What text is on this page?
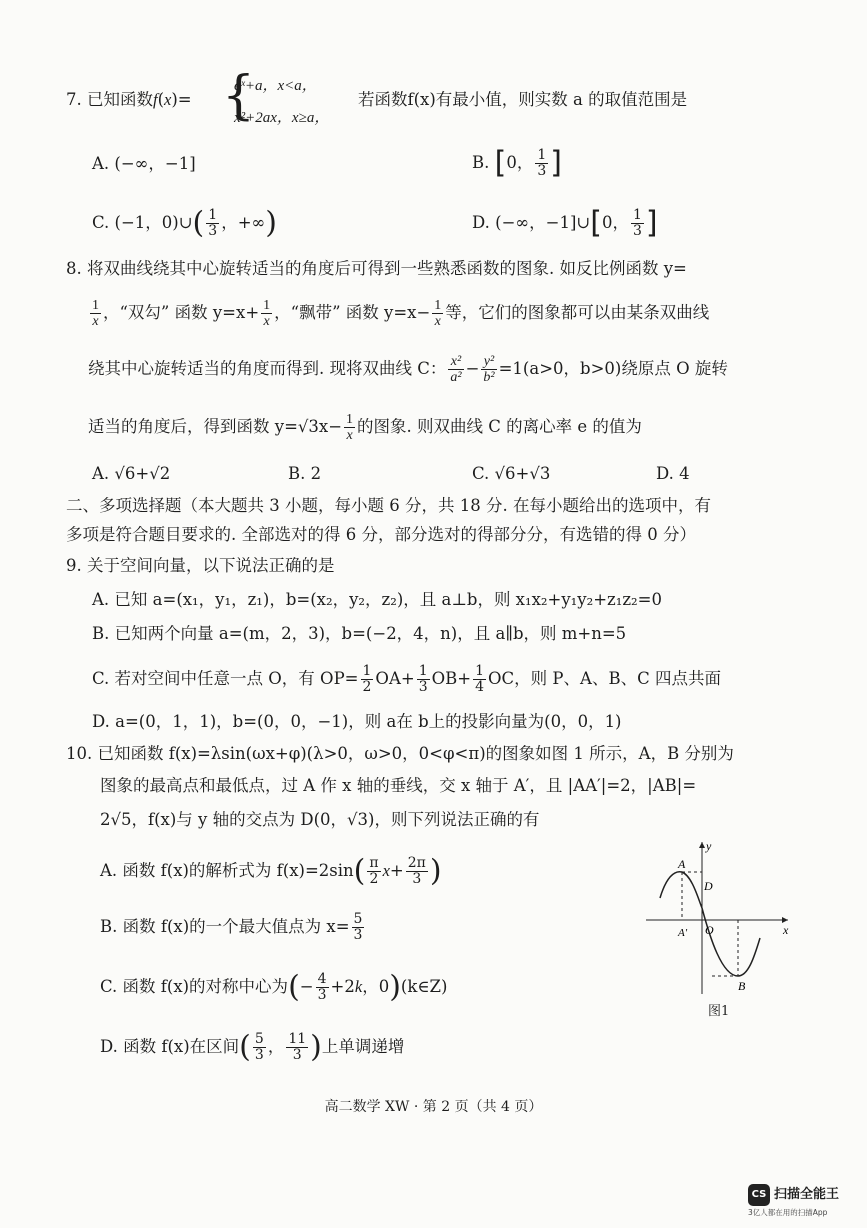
7. 已知函数f(x)= {
eˣ+a，x<a，
x²+2ax，x≥a，
若函数f(x)有最小值，则实数 a 的取值范围是
A. (−∞，−1]	B. [0， $\frac{1}{3}$ ]
C. (−1，0)∪( $\frac{1}{3}$ ，+∞)	D. (−∞，−1]∪[0， $\frac{1}{3}$ ]
8. 将双曲线绕其中心旋转适当的角度后可得到一些熟悉函数的图象. 如反比例函数 y=
$\frac{1}{x}$ ，“双勾” 函数 $y=x+ \frac{1}{x}$ ，“飘带” 函数 $y=x- \frac{1}{x}$ 等，它们的图象都可以由某条双曲线
绕其中心旋转适当的角度而得到. 现将双曲线 C： $\frac{\text{x²}}{\text{a²}} - \frac{\text{y²}}{\text{b²}} =1(a>0$，b>0)绕原点 O 旋转
适当的角度后，得到函数 $y=√3x- \frac{1}{x}$ 的图象. 则双曲线 C 的离心率 e 的值为
A. √6+√2	B. 2	C. √6+√3	D. 4
二、多项选择题（本大题共 3 小题，每小题 6 分，共 18 分. 在每小题给出的选项中，有
多项是符合题目要求的. 全部选对的得 6 分，部分选对的得部分分，有选错的得 0 分）
9. 关于空间向量，以下说法正确的是
A. 已知 a=(x₁，y₁，z₁)，b=(x₂，y₂，z₂)，且 a⊥b，则 x₁x₂+y₁y₂+z₁z₂=0
B. 已知两个向量 a=(m，2，3)，b=(−2，4，n)，且 a∥b，则 m+n=5
C. 若对空间中任意一点 O，有 $OP= \frac{1}{2} OA+ \frac{1}{3} OB+ \frac{1}{4}$ OC，则 P、A、B、C 四点共面
D. a=(0，1，1)，b=(0，0，−1)，则 a在 b上的投影向量为(0，0，1)
10. 已知函数 f(x)=λsin(ωx+φ)(λ>0，ω>0，0<φ<π)的图象如图 1 所示，A，B 分别为
图象的最高点和最低点，过 A 作 x 轴的垂线，交 x 轴于 A′，且 |AA′|=2，|AB|=
2√5，f(x)与 y 轴的交点为 D(0，√3)，则下列说法正确的有
A. 函数 f(x)的解析式为 $f(x)=2\sin( \frac{\pi}{2} x+ \frac{2\pi}{3}$ )
B. 函数 f(x)的一个最大值点为 $x= \frac{5}{3}$
C. 函数 f(x)的对称中心为(− $\frac{4}{3} +2k$，0)(k∈Z)
D. 函数 f(x)在区间( $\frac{5}{3}$ ， $\frac{11}{3}$ )上单调递增
A
D
O
A′
B
y
x
图1
高二数学 XW · 第 2 页（共 4 页）
CS 扫描全能王
3亿人都在用的扫描App
